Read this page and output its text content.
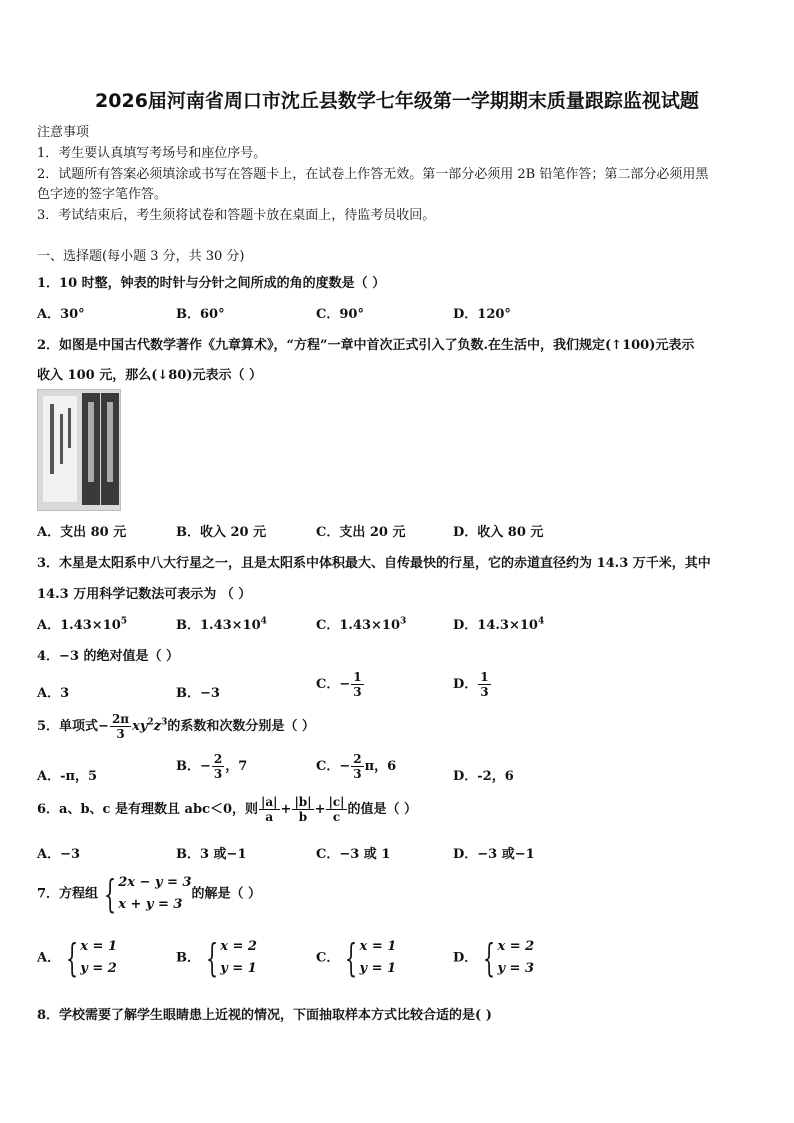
2026届河南省周口市沈丘县数学七年级第一学期期末质量跟踪监视试题
注意事项
1．考生要认真填写考场号和座位序号。
2．试题所有答案必须填涂或书写在答题卡上，在试卷上作答无效。第一部分必须用 2B 铅笔作答；第二部分必须用黑
色字迹的签字笔作答。
3．考试结束后，考生须将试卷和答题卡放在桌面上，待监考员收回。
一、选择题(每小题 3 分，共 30 分)
1．10 时整，钟表的时针与分针之间所成的角的度数是（ ）
A．30°	B．60°	C．90°	D．120°
2．如图是中国古代数学著作《九章算术》，“方程”一章中首次正式引入了负数.在生活中，我们规定(↑100)元表示
收入 100 元，那么(↓80)元表示（ ）
A．支出 80 元	B．收入 20 元	C．支出 20 元	D．收入 80 元
3．木星是太阳系中八大行星之一，且是太阳系中体积最大、自传最快的行星，它的赤道直径约为 14.3 万千米，其中
14.3 万用科学记数法可表示为 （ ）
A．$1.43\times 10^5$	B．$1.43\times 10^4$	C．$1.43\times 10^3$	D．$14.3\times 10^4$
4．−3 的绝对值是（ ）
A．3	B．−3
C．− $\frac{1}{3}$	D． $\frac{1}{3}$
5．单项式− $\frac{2\pi}{3} xy^2z^3$的系数和次数分别是（ ）
A．-π，5
B．− $\frac{2}{3}$ ，7	C．− $\frac{2}{3}$ π，6
D．-2，6
6．a、b、c 是有理数且 abc＜0，则 $\frac{|a|}{a} + \frac{|b|}{b} + \frac{|c|}{c}$ 的值是（ ）
A．−3	B．3 或−1	C．−3 或 1	D．−3 或−1
7．方程组 { 2x − y = 3
x + y = 3
的解是（ ）
A． { x = 1
y = 2
B． { x = 2
y = 1
C． { x = 1
y = 1
D． { x = 2
y = 3
8．学校需要了解学生眼睛患上近视的情况，下面抽取样本方式比较合适的是( )
